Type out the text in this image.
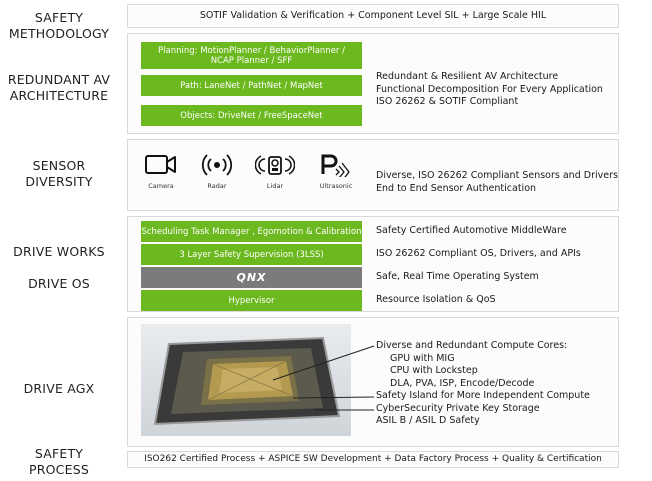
SAFETY
METHODOLOGY
REDUNDANT AV
ARCHITECTURE
SENSOR
DIVERSITY
DRIVE WORKS
DRIVE OS
DRIVE AGX
SAFETY
PROCESS
SOTIF Validation & Verification + Component Level SIL + Large Scale HIL
Planning: MotionPlanner / BehaviorPlanner /
NCAP Planner / SFF
Path: LaneNet / PathNet / MapNet
Objects: DriveNet / FreeSpaceNet
Redundant & Resilient AV Architecture
Functional Decomposition For Every Application
ISO 26262 & SOTIF Compliant
Camera	Radar	Lidar	Ultrasonic
Diverse, ISO 26262 Compliant Sensors and Drivers
End to End Sensor Authentication
Scheduling Task Manager , Egomotion & Calibration
3 Layer Safety Supervision (3LSS)
QNX
Hypervisor
Safety Certified Automotive MiddleWare
ISO 26262 Compliant OS, Drivers, and APIs
Safe, Real Time Operating System
Resource Isolation & QoS
Diverse and Redundant Compute Cores:
GPU with MIG
CPU with Lockstep
DLA, PVA, ISP, Encode/Decode
Safety Island for More Independent Compute
CyberSecurity Private Key Storage
ASIL B / ASIL D Safety
ISO262 Certified Process + ASPICE SW Development + Data Factory Process + Quality & Certification
